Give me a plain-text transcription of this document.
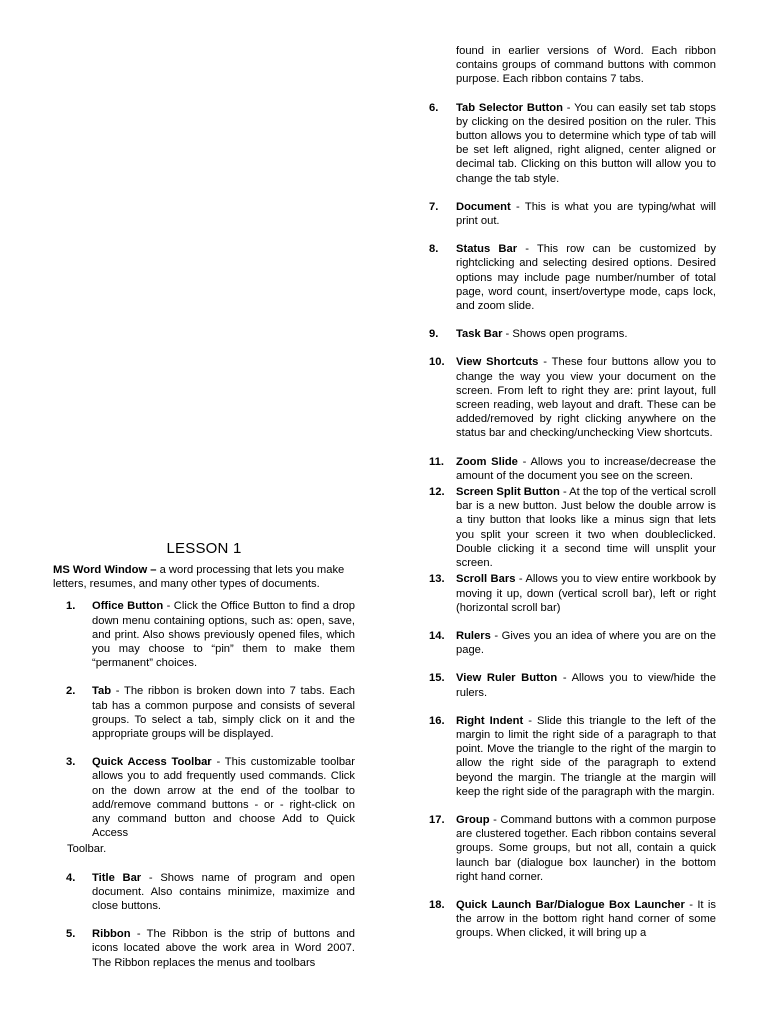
LESSON 1
MS Word Window – a word processing that lets you make letters, resumes, and many other types of documents.
1. Office Button - Click the Office Button to find a drop down menu containing options, such as: open, save, and print. Also shows previously opened files, which you may choose to “pin” them to make them “permanent” choices.
2. Tab - The ribbon is broken down into 7 tabs. Each tab has a common purpose and consists of several groups. To select a tab, simply click on it and the appropriate groups will be displayed.
3. Quick Access Toolbar - This customizable toolbar allows you to add frequently used commands. Click on the down arrow at the end of the toolbar to add/remove command buttons - or - right-click on any command button and choose Add to Quick Access
Toolbar.
4. Title Bar - Shows name of program and open document. Also contains minimize, maximize and close buttons.
5. Ribbon - The Ribbon is the strip of buttons and icons located above the work area in Word 2007. The Ribbon replaces the menus and toolbars
found in earlier versions of Word. Each ribbon contains groups of command buttons with common purpose. Each ribbon contains 7 tabs.
6. Tab Selector Button - You can easily set tab stops by clicking on the desired position on the ruler. This button allows you to determine which type of tab will be set left aligned, right aligned, center aligned or decimal tab. Clicking on this button will allow you to change the tab style.
7. Document - This is what you are typing/what will print out.
8. Status Bar - This row can be customized by rightclicking and selecting desired options. Desired options may include page number/number of total page, word count, insert/overtype mode, caps lock, and zoom slide.
9. Task Bar - Shows open programs.
10. View Shortcuts - These four buttons allow you to change the way you view your document on the screen. From left to right they are: print layout, full screen reading, web layout and draft. These can be added/removed by right clicking anywhere on the status bar and checking/unchecking View shortcuts.
11. Zoom Slide - Allows you to increase/decrease the amount of the document you see on the screen.
12. Screen Split Button - At the top of the vertical scroll bar is a new button. Just below the double arrow is a tiny button that looks like a minus sign that lets you split your screen it two when doubleclicked. Double clicking it a second time will unsplit your screen.
13. Scroll Bars - Allows you to view entire workbook by moving it up, down (vertical scroll bar), left or right (horizontal scroll bar)
14. Rulers - Gives you an idea of where you are on the page.
15. View Ruler Button - Allows you to view/hide the rulers.
16. Right Indent - Slide this triangle to the left of the margin to limit the right side of a paragraph to that point. Move the triangle to the right of the margin to allow the right side of the paragraph to extend beyond the margin. The triangle at the margin will keep the right side of the paragraph with the margin.
17. Group - Command buttons with a common purpose are clustered together. Each ribbon contains several groups. Some groups, but not all, contain a quick launch bar (dialogue box launcher) in the bottom right hand corner.
18. Quick Launch Bar/Dialogue Box Launcher - It is the arrow in the bottom right hand corner of some groups. When clicked, it will bring up a
